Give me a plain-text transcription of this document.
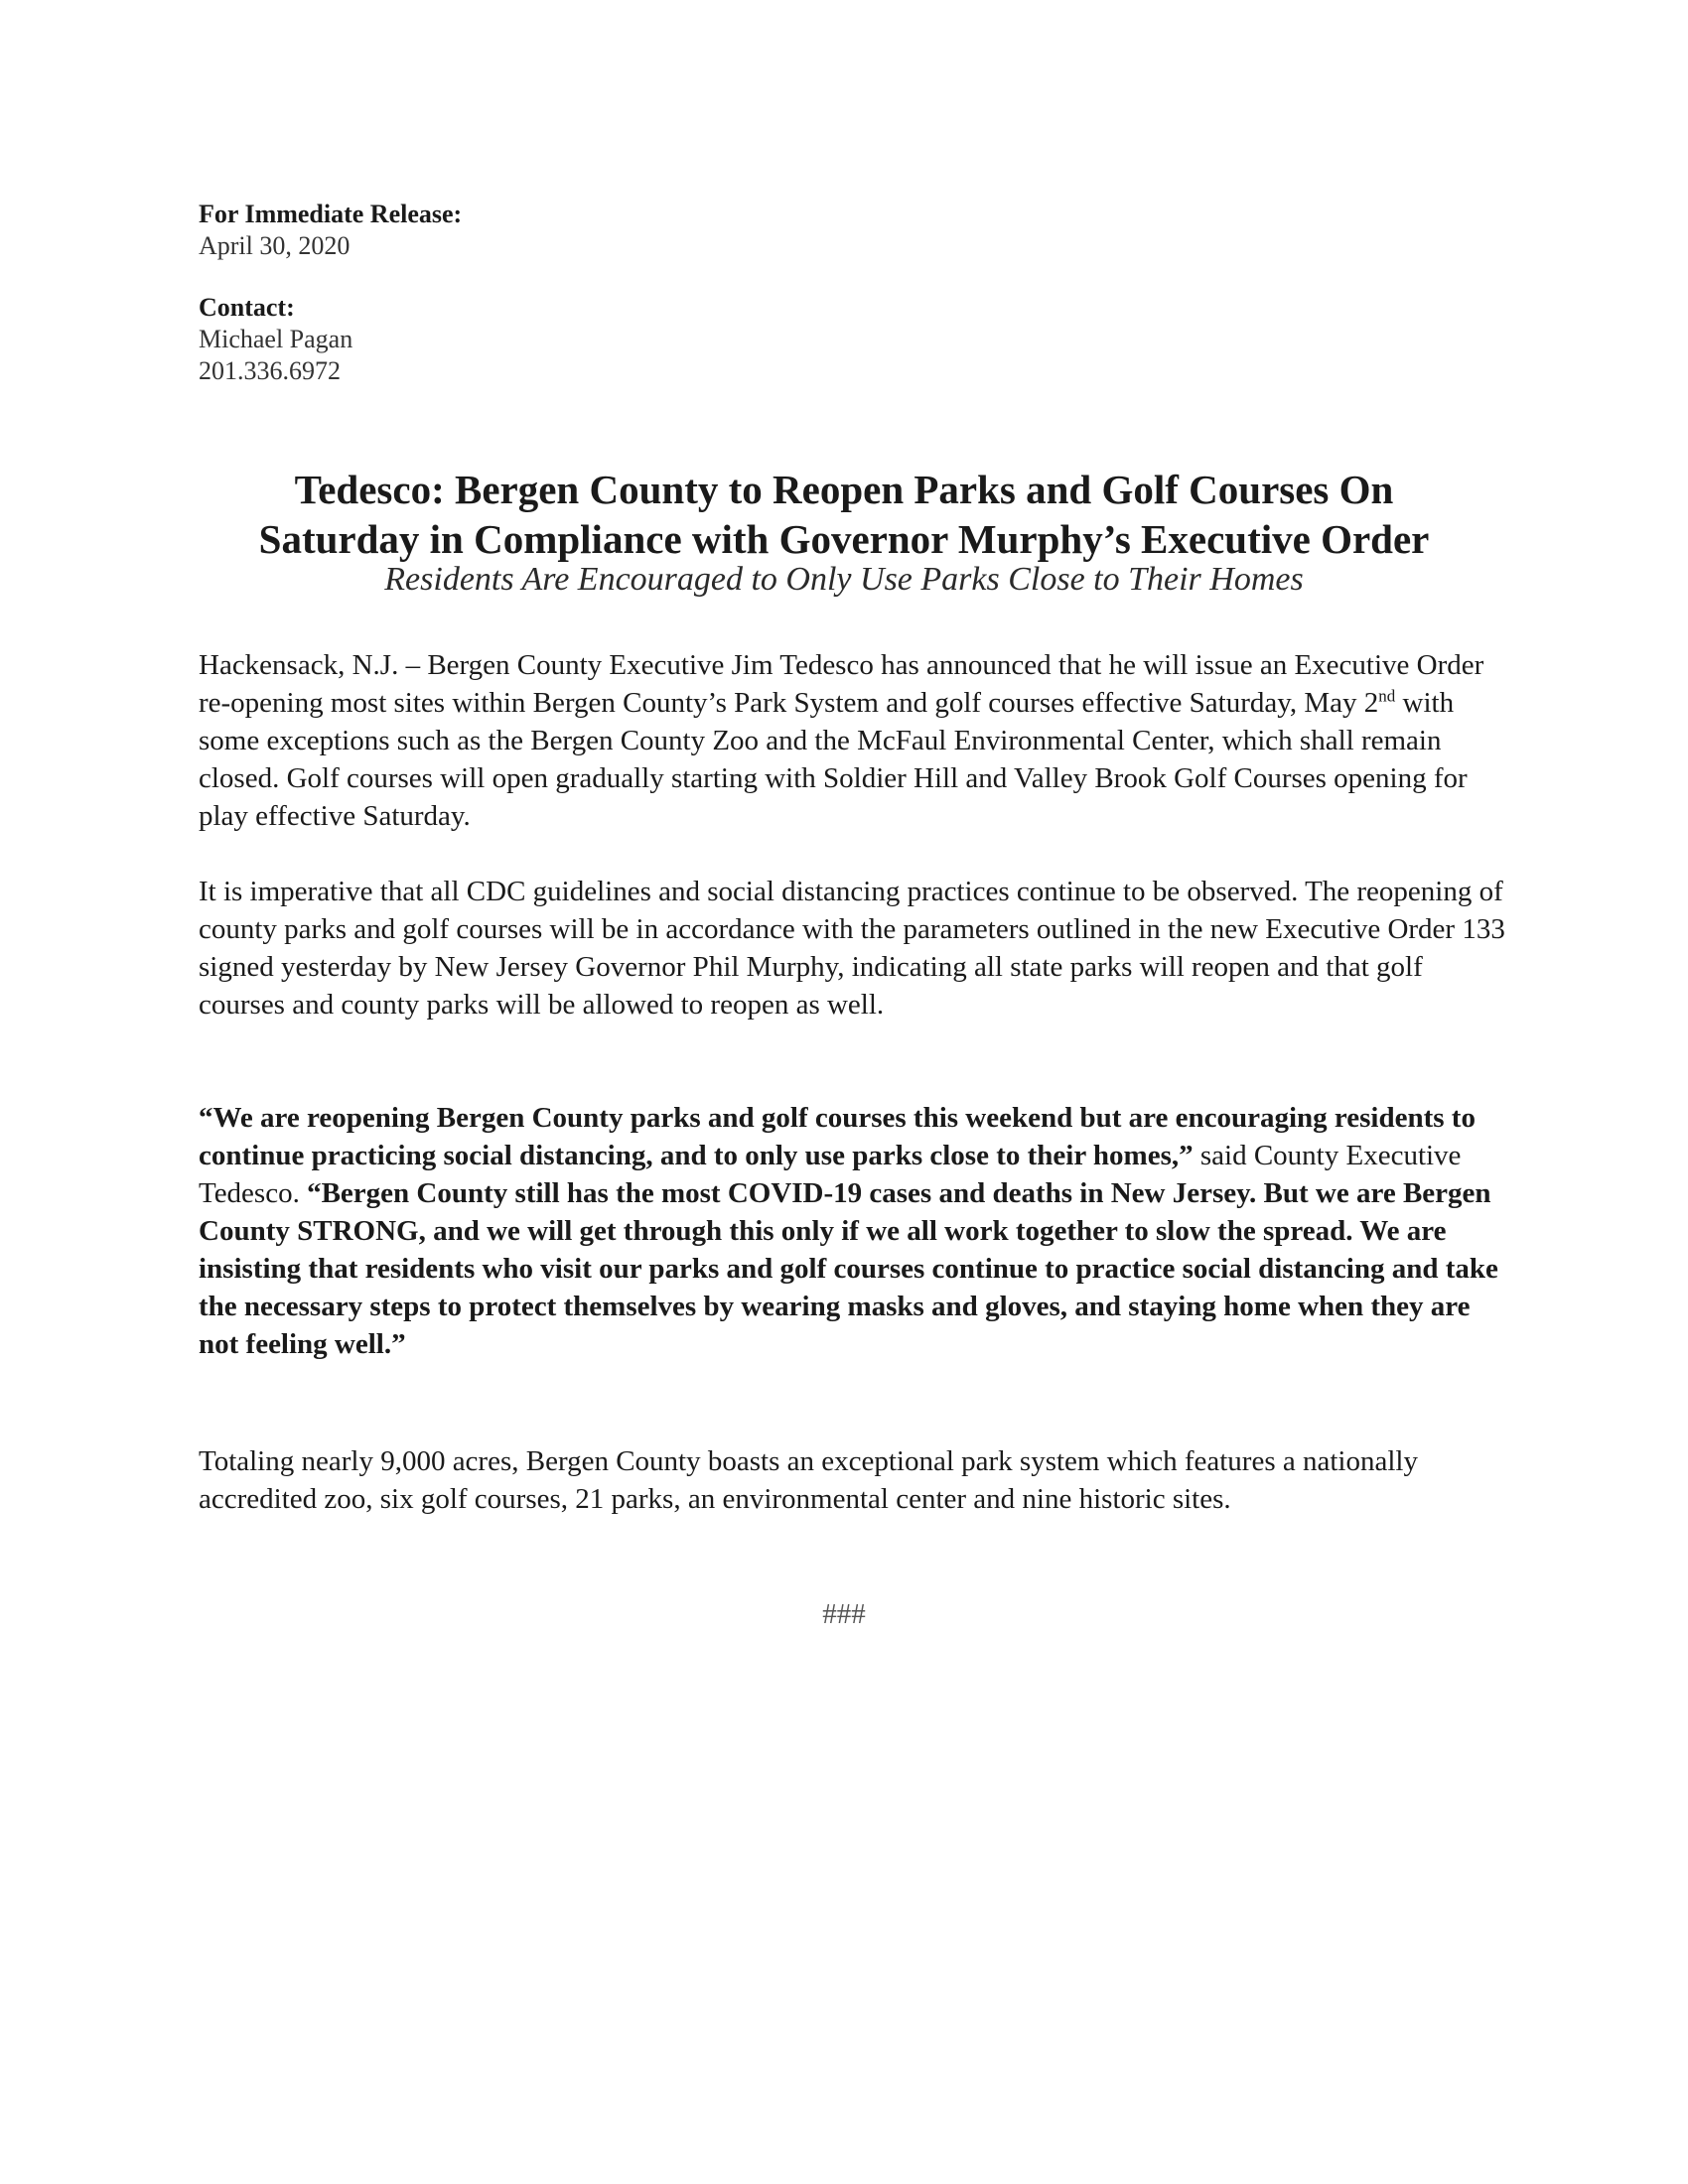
For Immediate Release:
April 30, 2020
Contact:
Michael Pagan
201.336.6972
Tedesco: Bergen County to Reopen Parks and Golf Courses On
Saturday in Compliance with Governor Murphy’s Executive Order
Residents Are Encouraged to Only Use Parks Close to Their Homes

Hackensack, N.J. – Bergen County Executive Jim Tedesco has announced that he will issue an Executive Order re-opening most sites within Bergen County’s Park System and golf courses effective Saturday, May 2nd with some exceptions such as the Bergen County Zoo and the McFaul Environmental Center, which shall remain closed. Golf courses will open gradually starting with Soldier Hill and Valley Brook Golf Courses opening for play effective Saturday.

It is imperative that all CDC guidelines and social distancing practices continue to be observed. The reopening of county parks and golf courses will be in accordance with the parameters outlined in the new Executive Order 133 signed yesterday by New Jersey Governor Phil Murphy, indicating all state parks will reopen and that golf courses and county parks will be allowed to reopen as well.

“We are reopening Bergen County parks and golf courses this weekend but are encouraging residents to continue practicing social distancing, and to only use parks close to their homes,” said County Executive Tedesco. “Bergen County still has the most COVID-19 cases and deaths in New Jersey. But we are Bergen County STRONG, and we will get through this only if we all work together to slow the spread. We are insisting that residents who visit our parks and golf courses continue to practice social distancing and take the necessary steps to protect themselves by wearing masks and gloves, and staying home when they are not feeling well.”

Totaling nearly 9,000 acres, Bergen County boasts an exceptional park system which features a nationally accredited zoo, six golf courses, 21 parks, an environmental center and nine historic sites.

###
